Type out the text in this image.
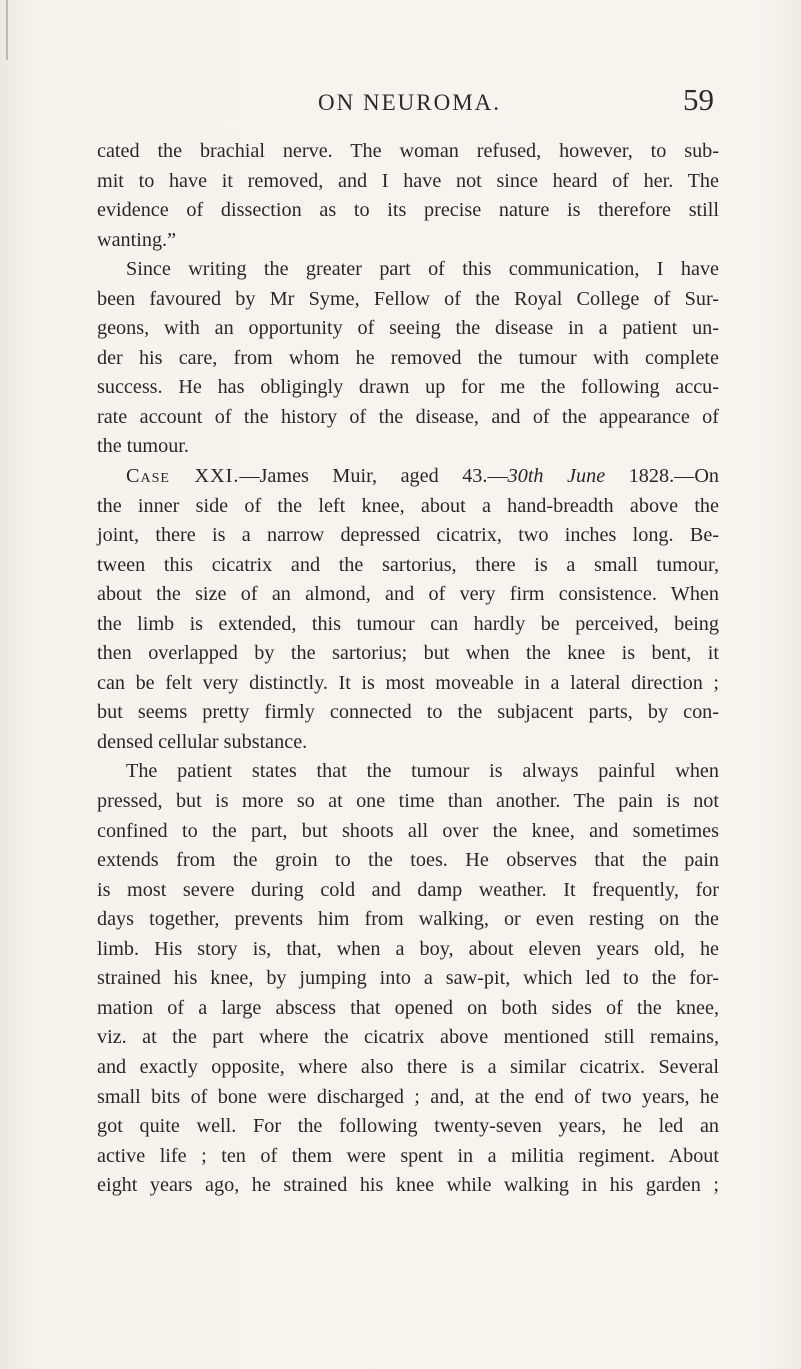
ON NEUROMA.	59
cated the brachial nerve. The woman refused, however, to sub-
mit to have it removed, and I have not since heard of her. The
evidence of dissection as to its precise nature is therefore still
wanting.”
Since writing the greater part of this communication, I have
been favoured by Mr Syme, Fellow of the Royal College of Sur-
geons, with an opportunity of seeing the disease in a patient un-
der his care, from whom he removed the tumour with complete
success. He has obligingly drawn up for me the following accu-
rate account of the history of the disease, and of the appearance of
the tumour.
Case XXI.—James Muir, aged 43.—30th June 1828.—On
the inner side of the left knee, about a hand-breadth above the
joint, there is a narrow depressed cicatrix, two inches long. Be-
tween this cicatrix and the sartorius, there is a small tumour,
about the size of an almond, and of very firm consistence. When
the limb is extended, this tumour can hardly be perceived, being
then overlapped by the sartorius; but when the knee is bent, it
can be felt very distinctly. It is most moveable in a lateral direction ;
but seems pretty firmly connected to the subjacent parts, by con-
densed cellular substance.
The patient states that the tumour is always painful when
pressed, but is more so at one time than another. The pain is not
confined to the part, but shoots all over the knee, and sometimes
extends from the groin to the toes. He observes that the pain
is most severe during cold and damp weather. It frequently, for
days together, prevents him from walking, or even resting on the
limb. His story is, that, when a boy, about eleven years old, he
strained his knee, by jumping into a saw-pit, which led to the for-
mation of a large abscess that opened on both sides of the knee,
viz. at the part where the cicatrix above mentioned still remains,
and exactly opposite, where also there is a similar cicatrix. Several
small bits of bone were discharged ; and, at the end of two years, he
got quite well. For the following twenty-seven years, he led an
active life ; ten of them were spent in a militia regiment. About
eight years ago, he strained his knee while walking in his garden ;
